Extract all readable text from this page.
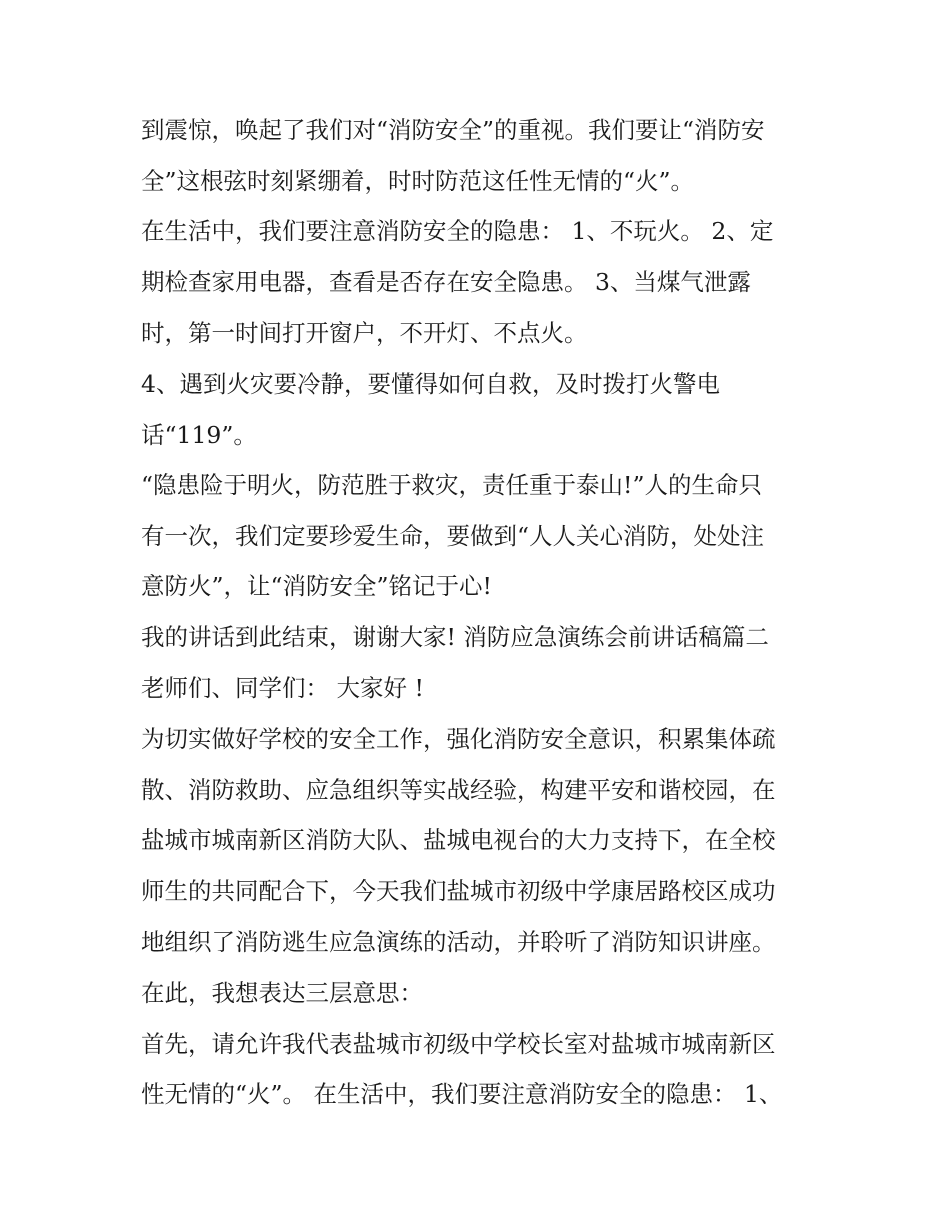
到震惊，唤起了我们对“消防安全”的重视。我们要让“消防安
全”这根弦时刻紧绷着，时时防范这任性无情的“火”。
在生活中，我们要注意消防安全的隐患： 1、不玩火。 2、定
期检查家用电器，查看是否存在安全隐患。 3、当煤气泄露
时，第一时间打开窗户，不开灯、不点火。
4、遇到火灾要冷静，要懂得如何自救，及时拨打火警电
话“119”。
“隐患险于明火，防范胜于救灾，责任重于泰山!”人的生命只
有一次，我们定要珍爱生命，要做到“人人关心消防，处处注
意防火”，让“消防安全”铭记于心!
我的讲话到此结束，谢谢大家! 消防应急演练会前讲话稿篇二
老师们、同学们： 大家好 !
为切实做好学校的安全工作，强化消防安全意识，积累集体疏
散、消防救助、应急组织等实战经验，构建平安和谐校园，在
盐城市城南新区消防大队、盐城电视台的大力支持下，在全校
师生的共同配合下，今天我们盐城市初级中学康居路校区成功
地组织了消防逃生应急演练的活动，并聆听了消防知识讲座。
在此，我想表达三层意思：
首先，请允许我代表盐城市初级中学校长室对盐城市城南新区
性无情的“火”。 在生活中，我们要注意消防安全的隐患： 1、
